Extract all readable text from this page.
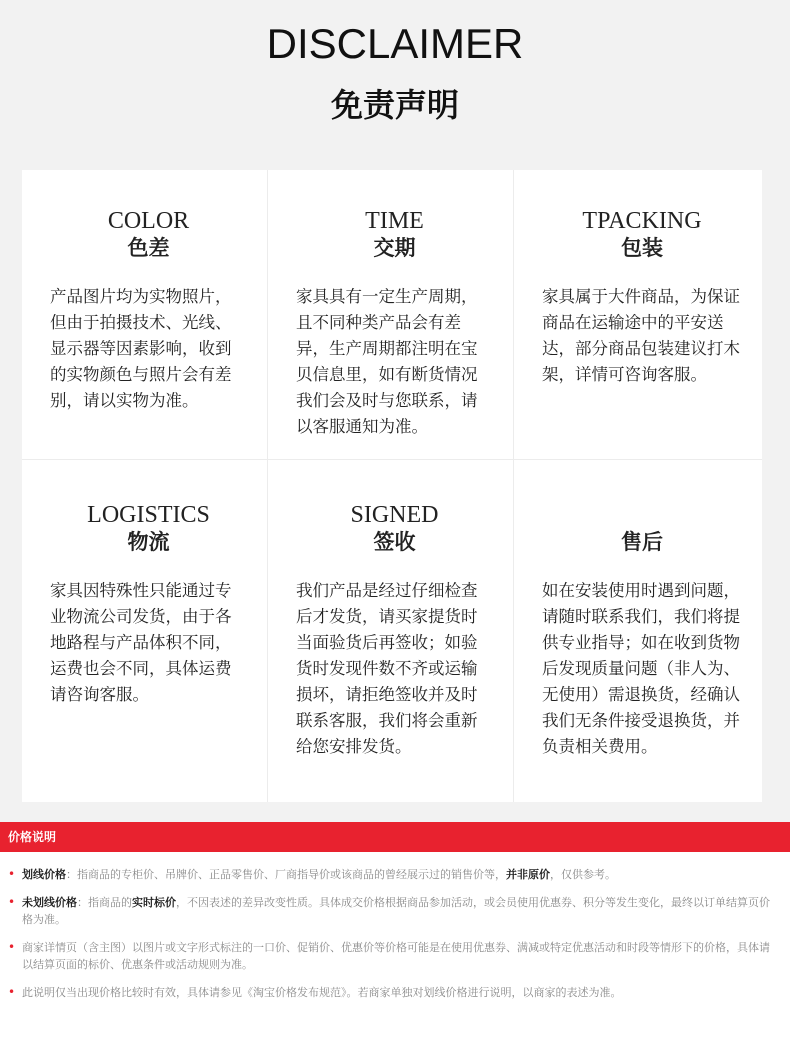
DISCLAIMER
免责声明
COLOR
色差
产品图片均为实物照片，但由于拍摄技术、光线、显示器等因素影响，收到的实物颜色与照片会有差别，请以实物为准。
TIME
交期
家具具有一定生产周期，且不同种类产品会有差异，生产周期都注明在宝贝信息里，如有断货情况我们会及时与您联系，请以客服通知为准。
TPACKING
包装
家具属于大件商品，为保证商品在运输途中的平安送达，部分商品包装建议打木架，详情可咨询客服。
LOGISTICS
物流
家具因特殊性只能通过专业物流公司发货，由于各地路程与产品体积不同，运费也会不同，具体运费请咨询客服。
SIGNED
签收
我们产品是经过仔细检查后才发货，请买家提货时当面验货后再签收；如验货时发现件数不齐或运输损坏，请拒绝签收并及时联系客服，我们将会重新给您安排发货。
售后
如在安装使用时遇到问题，请随时联系我们，我们将提供专业指导；如在收到货物后发现质量问题（非人为、无使用）需退换货，经确认我们无条件接受退换货，并负责相关费用。
价格说明
• 划线价格：指商品的专柜价、吊牌价、正品零售价、厂商指导价或该商品的曾经展示过的销售价等，并非原价，仅供参考。
• 未划线价格：指商品的实时标价，不因表述的差异改变性质。具体成交价格根据商品参加活动，或会员使用优惠券、积分等发生变化，最终以订单结算页价格为准。
• 商家详情页（含主图）以图片或文字形式标注的一口价、促销价、优惠价等价格可能是在使用优惠券、满减或特定优惠活动和时段等情形下的价格，具体请以结算页面的标价、优惠条件或活动规则为准。
• 此说明仅当出现价格比较时有效，具体请参见《淘宝价格发布规范》。若商家单独对划线价格进行说明，以商家的表述为准。
